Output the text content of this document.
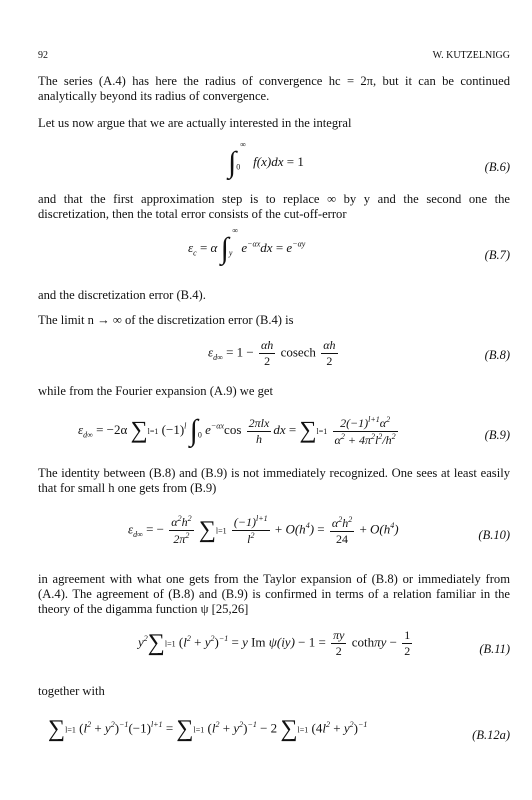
92	W. KUTZELNIGG
The series (A.4) has here the radius of convergence hc = 2π, but it can be continued analytically beyond its radius of convergence.
Let us now argue that we are actually interested in the integral
$\int_0^\infty$ f(x)dx = 1	(B.6)
and that the first approximation step is to replace ∞ by y and the second one the discretization, then the total error consists of the cut-off-error
$\varepsilon_c = \alpha$ $\int_y^\infty$ $e^{-\alpha x}dx = e^{-\alpha y}$
(B.7)
and the discretization error (B.4).
The limit n → ∞ of the discretization error (B.4) is
$\varepsilon_{d\infty} = 1 - \frac{\alpha h}{2}$ cosech $\frac{\alpha h}{2}$	(B.8)
while from the Fourier expansion (A.9) we get
$\varepsilon_{d\infty} = -2\alpha$ ∑l=1 $(-1)^l$ $\int_0$ $e^{-\alpha x}\cos \frac{\text{2πlx}}{h}$ dx = $\sum l=1 \frac{2(-1)^{l+1}\alpha^2}{\alpha^2 + 4\pi^2l^2/h^2}$	(B.9)
The identity between (B.8) and (B.9) is not immediately recognized. One sees at least easily that for small h one gets from (B.9)
$\varepsilon_{d\infty}$ = − $\frac{\alpha^2h^2}{2\pi^2} \sum l=1 \frac{(-1)^{l+1}}{l^2} + O(h^4) = \frac{\alpha^2h^2}{24} + O(h^4)$	(B.10)
in agreement with what one gets from the Taylor expansion of (B.8) or immediately from (A.4). The agreement of (B.8) and (B.9) is confirmed in terms of a relation familiar in the theory of the digamma function ψ [25,26]
$y^2\sum l=1$ $(l^2 + y^2)^{-1} = y$ Im $\psi(iy) - 1 = \frac{\pi y}{2}$ $\cot h\pi y - \frac{1}{2}$	(B.11)
together with
∑l=1 $(l^2 + y^2)^{-1}(-1)^{l+1} = \sum l=1$ $(l^2 + y^2)^{-1} - 2$ ∑l=1 $(4l^2 + y^2)^{-1}$
(B.12a)
